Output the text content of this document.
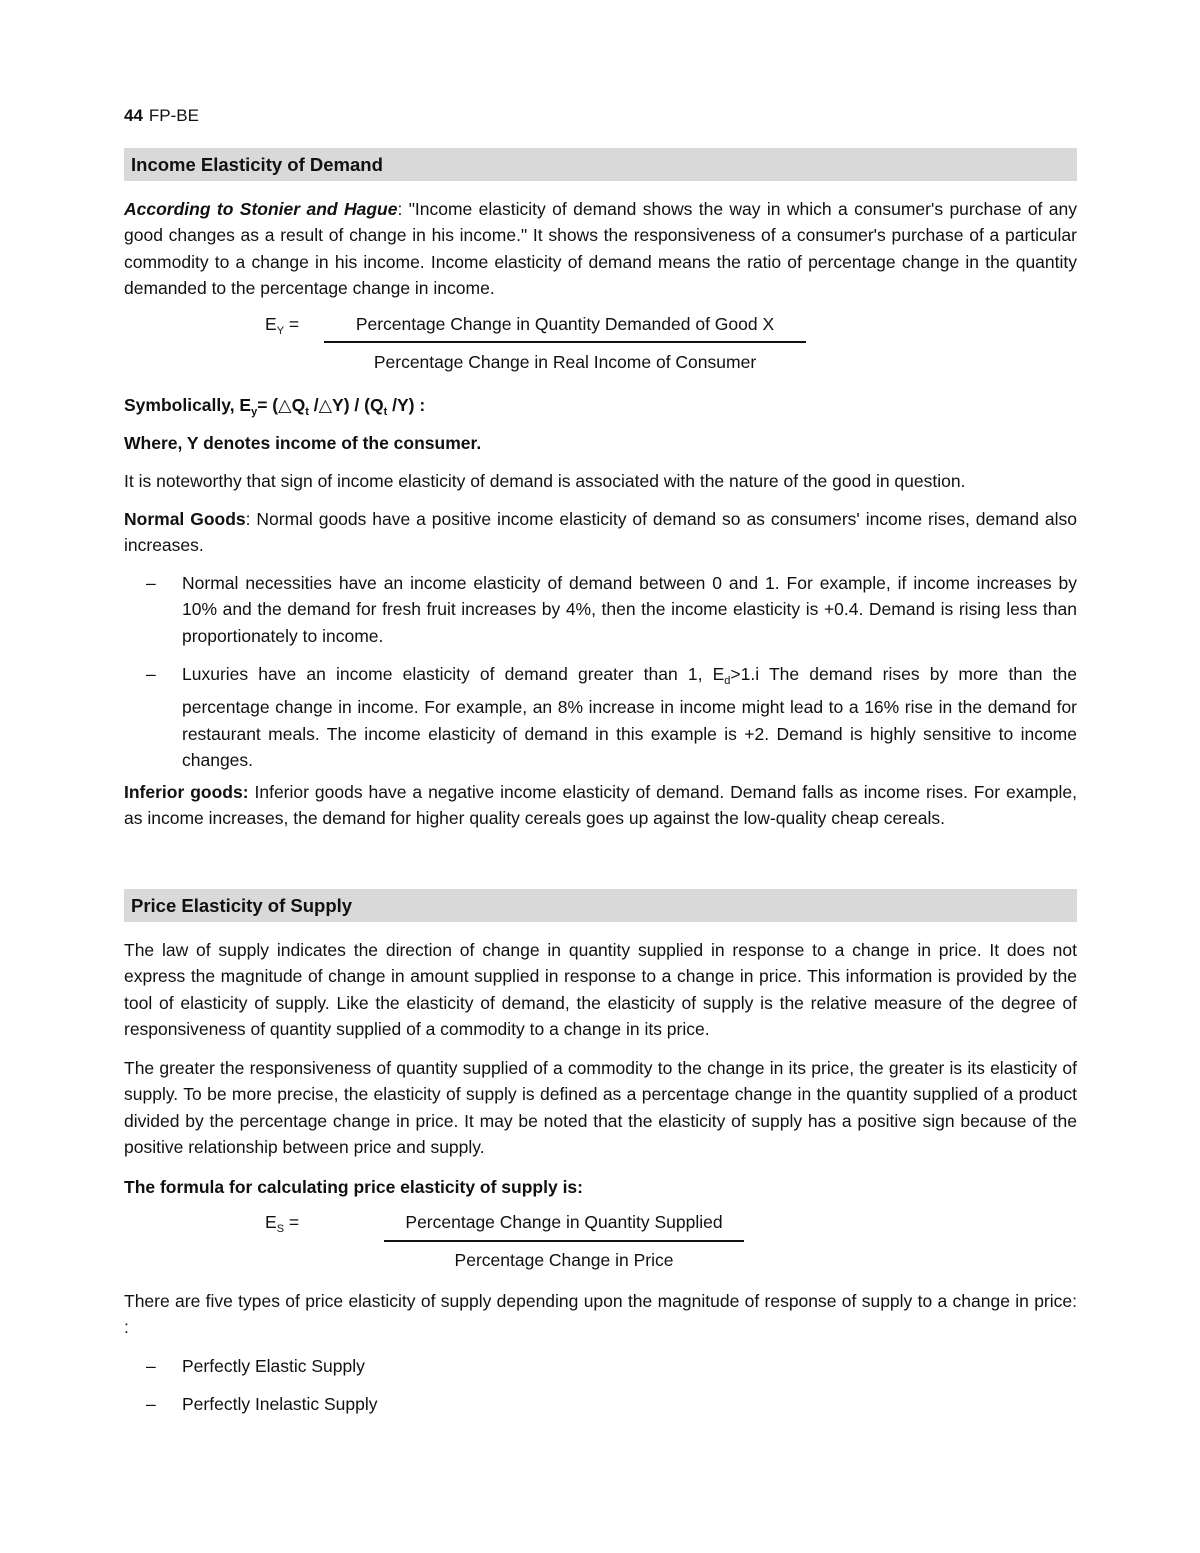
44 FP-BE
Income Elasticity of Demand
According to Stonier and Hague: "Income elasticity of demand shows the way in which a consumer's purchase of any good changes as a result of change in his income." It shows the responsiveness of a consumer's purchase of a particular commodity to a change in his income. Income elasticity of demand means the ratio of percentage change in the quantity demanded to the percentage change in income.
$E_Y$ =	Percentage Change in Quantity Demanded of Good X
Percentage Change in Real Income of Consumer
Symbolically, $E_y=$ ($\triangle Q_t$ /△Y) / ($Q_t$ /Y) :
Where, Y denotes income of the consumer.
It is noteworthy that sign of income elasticity of demand is associated with the nature of the good in question.
Normal Goods: Normal goods have a positive income elasticity of demand so as consumers' income rises, demand also increases.
– Normal necessities have an income elasticity of demand between 0 and 1. For example, if income increases by 10% and the demand for fresh fruit increases by 4%, then the income elasticity is +0.4. Demand is rising less than proportionately to income.
– Luxuries have an income elasticity of demand greater than 1, $E_d>1.i$ The demand rises by more than the percentage change in income. For example, an 8% increase in income might lead to a 16% rise in the demand for restaurant meals. The income elasticity of demand in this example is +2. Demand is highly sensitive to income changes.
Inferior goods: Inferior goods have a negative income elasticity of demand. Demand falls as income rises. For example, as income increases, the demand for higher quality cereals goes up against the low-quality cheap cereals.
Price Elasticity of Supply
The law of supply indicates the direction of change in quantity supplied in response to a change in price. It does not express the magnitude of change in amount supplied in response to a change in price. This information is provided by the tool of elasticity of supply. Like the elasticity of demand, the elasticity of supply is the relative measure of the degree of responsiveness of quantity supplied of a commodity to a change in its price.
The greater the responsiveness of quantity supplied of a commodity to the change in its price, the greater is its elasticity of supply. To be more precise, the elasticity of supply is defined as a percentage change in the quantity supplied of a product divided by the percentage change in price. It may be noted that the elasticity of supply has a positive sign because of the positive relationship between price and supply.
The formula for calculating price elasticity of supply is:
$E_S$ =	Percentage Change in Quantity Supplied
Percentage Change in Price
There are five types of price elasticity of supply depending upon the magnitude of response of supply to a change in price: :
– Perfectly Elastic Supply
– Perfectly Inelastic Supply
